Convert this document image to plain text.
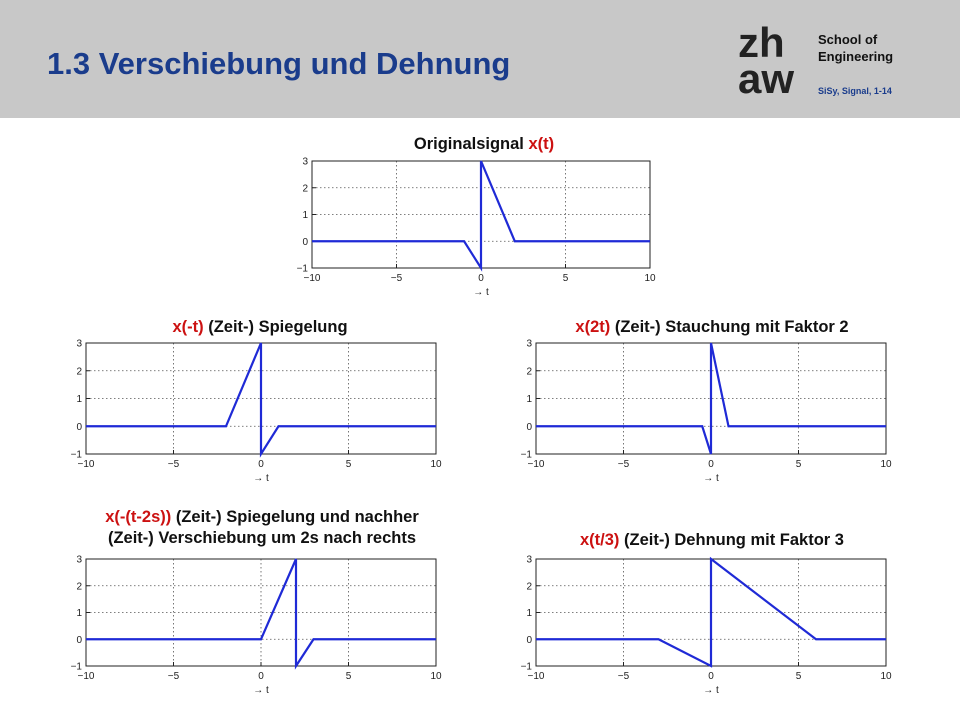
1.3 Verschiebung und Dehnung	zh
aw
School of
Engineering
SiSy, Signal, 1-14
Originalsignal x(t)
x(-t) (Zeit-) Spiegelung	x(2t) (Zeit-) Stauchung mit Faktor 2
x(-(t-2s)) (Zeit-) Spiegelung und nachher
(Zeit-) Verschiebung um 2s nach rechts	x(t/3) (Zeit-) Dehnung mit Faktor 3
−10	−5	0	5	10
−1
0
1
2
3
→ t
−10	−5	0	5	10
−1
0
1
2
3
→ t
−10	−5	0	5	10
−1
0
1
2
3
→ t
−10	−5	0	5	10
−1
0
1
2
3
→ t
−10	−5	0	5	10
−1
0
1
2
3
→ t
